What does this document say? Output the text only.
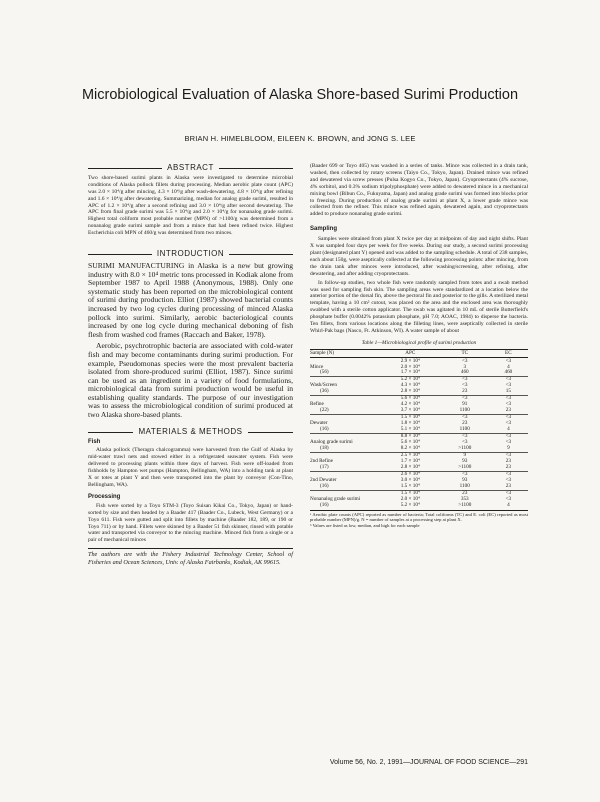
Microbiological Evaluation of Alaska Shore-based Surimi Production
BRIAN H. HIMELBLOOM, EILEEN K. BROWN, and JONG S. LEE

ABSTRACT

Two shore-based surimi plants in Alaska were investigated to determine microbial conditions of Alaska pollock fillets during processing. Median aerobic plate count (APC) was 2.0 × 10⁴/g after mincing, 4.3 × 10⁴/g after wash-dewatering, 4.8 × 10⁴/g after refining and 1.6 × 10⁴/g after dewatering. Summarizing, median for analog grade surimi, resulted in APC of 1.2 × 10⁴/g after a second refining and 3.0 × 10⁴/g after second dewatering. The APC from final grade surimi was 5.5 × 10⁴/g and 2.0 × 10⁴/g for nonanalog grade surimi. Highest total coliform most probable number (MPN) of >1100/g was determined from a nonanalog grade surimi sample and from a mince that had been refined twice. Highest Escherichia coli MPN of 460/g was determined from two minces.

INTRODUCTION

SURIMI MANUFACTURING in Alaska is a new but growing industry with 8.0 × 10⁴ metric tons processed in Kodiak alone from September 1987 to April 1988 (Anonymous, 1988). Only one systematic study has been reported on the microbiological content of surimi during production. Elliot (1987) showed bacterial counts increased by two log cycles during processing of minced Alaska pollock into surimi. Similarly, aerobic bacteriological counts increased by one log cycle during mechanical deboning of fish flesh from washed cod frames (Raccach and Baker, 1978).

Aerobic, psychrotrophic bacteria are associated with cold-water fish and may become contaminants during surimi production. For example, Pseudomonas species were the most prevalent bacteria isolated from shore-produced surimi (Elliot, 1987). Since surimi can be used as an ingredient in a variety of food formulations, microbiological data from surimi production would be useful in establishing quality standards. The purpose of our investigation was to assess the microbiological condition of surimi produced at two Alaska shore-based plants.

MATERIALS & METHODS

Fish

Alaska pollock (Theragra chalcogramma) were harvested from the Gulf of Alaska by mid-water trawl nets and stowed either in a refrigerated seawater system. Fish were delivered to processing plants within three days of harvest. Fish were off-loaded from fishholds by Hampton wet pumps (Hampton, Bellingham, WA) into a holding tank at plant X or totes at plant Y and then were transported into the plant by conveyor (Con-Tino, Bellingham, WA).

Processing

Fish were sorted by a Toyo STM-3 (Toyo Suisan Kikai Co., Tokyo, Japan) or hand-sorted by size and then headed by a Baader 417 (Baader Co., Lubeck, West Germany) or a Toyo 611. Fish were gutted and split into fillets by machine (Baader 182, 189, or 190 or Toyo 711) or by hand. Fillets were skinned by a Baader 51 fish skinner, rinsed with potable water and transported via conveyor to the mincing machine. Minced fish from a single or a pair of mechanical minces

The authors are with the Fishery Industrial Technology Center, School of Fisheries and Ocean Sciences, Univ. of Alaska Fairbanks, Kodiak, AK 99615.

(Baader 699 or Toyo 405) was washed in a series of tanks. Mince was collected in a drain tank, washed, then collected by rotary screens (Taiyo Co., Tokyo, Japan). Drained mince was refined and dewatered via screw presses (Pulsa Kogyo Co., Tokyo, Japan). Cryoprotectants (4% sucrose, 4% sorbitol, and 0.3% sodium tripolyphosphate) were added to dewatered mince in a mechanical mixing bowl (Bibun Co., Fukuyama, Japan) and analog grade surimi was formed into blocks prior to freezing. During production of analog grade surimi at plant X, a lower grade mince was collected from the refiner. This mince was refined again, dewatered again, and cryoprotectants added to produce nonanalog grade surimi.

Sampling

Samples were obtained from plant X twice per day at midpoints of day and night shifts. Plant X was sampled four days per week for five weeks. During our study, a second surimi processing plant (designated plant Y) opened and was added to the sampling schedule. A total of 238 samples, each about 150g, were aseptically collected at the following processing points: after mincing, from the drain tank after minces were introduced, after washing/screening, after refining, after dewatering, and after adding cryoprotectants.

In follow-up studies, two whole fish were randomly sampled from totes and a swab method was used for sampling fish skin. The sampling areas were standardized at a location below the anterior portion of the dorsal fin, above the pectoral fin and posterior to the gills. A sterilized metal template, having a 10 cm² cutout, was placed on the area and the enclosed area was thoroughly swabbed with a sterile cotton applicator. The swab was agitated in 10 mL of sterile Butterfield's phosphate buffer (0.0042% potassium phosphate, pH 7.0; AOAC, 1984) to disperse the bacteria. Ten fillets, from various locations along the filleting lines, were aseptically collected in sterile Whirl-Pak bags (Nasco, Ft. Atkinson, WI). A water sample of about

Table 1—Microbiological profile of surimi production
Sample (N)	APC	TC	EC
	2.9 × 10⁴	<3	<3
Mince	2.0 × 10⁴	3	4
(56)	1.7 × 10⁴	460	460
	5.2 × 10⁴	<3	<3
Wash/Screen	4.3 × 10⁴	<3	<3
(36)	2.8 × 10⁴	23	15
	5.6 × 10⁴	<3	<3
Refine	4.2 × 10⁴	91	<3
(22)	3.7 × 10⁴	1100	23
	1.5 × 10⁴	<3	<3
Dewater	1.8 × 10⁴	23	<3
(16)	5.1 × 10⁴	1100	4
	8.8 × 10⁴	<3	<3
Analog grade surimi	5.6 × 10⁴	<3	<3
(18)	8.2 × 10⁴	>1100	9
	2.5 × 10⁴	9	<3
2nd Refine	1.7 × 10⁴	93	23
(17)	2.8 × 10⁴	>1100	23
	2.6 × 10⁴	<3	<3
2nd Dewater	3.0 × 10⁴	93	<3
(16)	1.5 × 10⁴	1100	23
	1.5 × 10⁴	23	<3
Nonanalog grade surimi	2.0 × 10⁴	353	<3
(16)	5.2 × 10⁴	>1100	4

ᵃ Aerobic plate counts (APC) reported as number of bacteria; Total coliforms (TC) and E. coli (EC) reported as most probable number (MPN)/g. N = number of samples at a processing step at plant X.

ᵇ Values are listed as low, median, and high for each sample

Volume 56, No. 2, 1991—JOURNAL OF FOOD SCIENCE—291
